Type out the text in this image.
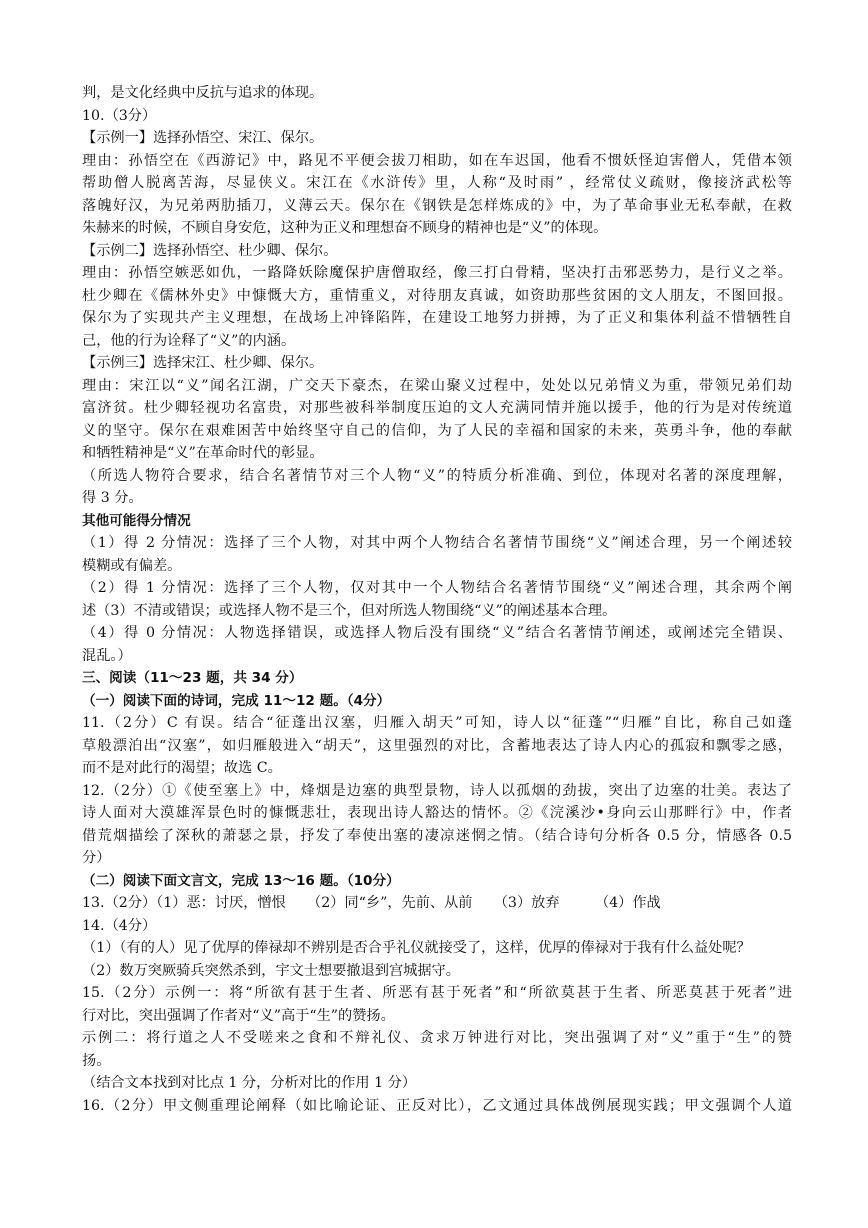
判，是文化经典中反抗与追求的体现。
10.（3分）
【示例一】选择孙悟空、宋江、保尔。
理由：孙悟空在《西游记》中，路见不平便会拔刀相助，如在车迟国，他看不惯妖怪迫害僧人，凭借本领
帮助僧人脱离苦海，尽显侠义。宋江在《水浒传》里，人称“及时雨” ，经常仗义疏财，像接济武松等
落魄好汉，为兄弟两肋插刀，义薄云天。保尔在《钢铁是怎样炼成的》中，为了革命事业无私奉献，在救
朱赫来的时候，不顾自身安危，这种为正义和理想奋不顾身的精神也是“义”的体现。
【示例二】选择孙悟空、杜少卿、保尔。
理由：孙悟空嫉恶如仇，一路降妖除魔保护唐僧取经，像三打白骨精，坚决打击邪恶势力，是行义之举。
杜少卿在《儒林外史》中慷慨大方，重情重义，对待朋友真诚，如资助那些贫困的文人朋友，不图回报。
保尔为了实现共产主义理想，在战场上冲锋陷阵，在建设工地努力拼搏，为了正义和集体利益不惜牺牲自
己，他的行为诠释了“义”的内涵。
【示例三】选择宋江、杜少卿、保尔。
理由：宋江以“义”闻名江湖，广交天下豪杰，在梁山聚义过程中，处处以兄弟情义为重，带领兄弟们劫
富济贫。杜少卿轻视功名富贵，对那些被科举制度压迫的文人充满同情并施以援手，他的行为是对传统道
义的坚守。保尔在艰难困苦中始终坚守自己的信仰，为了人民的幸福和国家的未来，英勇斗争，他的奉献
和牺牲精神是“义”在革命时代的彰显。
（所选人物符合要求，结合名著情节对三个人物“义”的特质分析准确、到位，体现对名著的深度理解，
得 3 分。
其他可能得分情况
（1）得 2 分情况：选择了三个人物，对其中两个人物结合名著情节围绕“义”阐述合理，另一个阐述较
模糊或有偏差。
（2）得 1 分情况：选择了三个人物，仅对其中一个人物结合名著情节围绕“义”阐述合理，其余两个阐
述（3）不清或错误；或选择人物不是三个，但对所选人物围绕“义”的阐述基本合理。
（4）得 0 分情况：人物选择错误，或选择人物后没有围绕“义”结合名著情节阐述，或阐述完全错误、
混乱。）
三、阅读（11～23 题，共 34 分）
（一）阅读下面的诗词，完成 11～12 题。（4分）
11.（2分）C 有误。结合“征蓬出汉塞，归雁入胡天”可知，诗人以“征蓬”“归雁”自比，称自己如蓬
草般漂泊出“汉塞”，如归雁般进入“胡天”，这里强烈的对比，含蓄地表达了诗人内心的孤寂和飘零之感，
而不是对此行的渴望；故选 C。
12.（2分）①《使至塞上》中，烽烟是边塞的典型景物，诗人以孤烟的劲拔，突出了边塞的壮美。表达了
诗人面对大漠雄浑景色时的慷慨悲壮，表现出诗人豁达的情怀。②《浣溪沙•身向云山那畔行》中，作者
借荒烟描绘了深秋的萧瑟之景，抒发了奉使出塞的凄凉迷惘之情。（结合诗句分析各 0.5 分，情感各 0.5
分）
（二）阅读下面文言文，完成 13～16 题。（10分）
13.（2分）（1）恶：讨厌，憎恨　　（2）同“乡”，先前、从前　　（3）放弃　　　（4）作战
14.（4分）
（1）（有的人）见了优厚的俸禄却不辨别是否合乎礼仪就接受了，这样，优厚的俸禄对于我有什么益处呢？
（2）数万突厥骑兵突然杀到，宇文士想要撤退到宫城据守。
15.（2分）示例一：将“所欲有甚于生者、所恶有甚于死者”和“所欲莫甚于生者、所恶莫甚于死者”进
行对比，突出强调了作者对“义”高于“生”的赞扬。
示例二：将行道之人不受嗟来之食和不辩礼仪、贪求万钟进行对比，突出强调了对“义”重于“生”的赞
扬。
（结合文本找到对比点 1 分，分析对比的作用 1 分）
16.（2分）甲文侧重理论阐释（如比喻论证、正反对比），乙文通过具体战例展现实践；甲文强调个人道
